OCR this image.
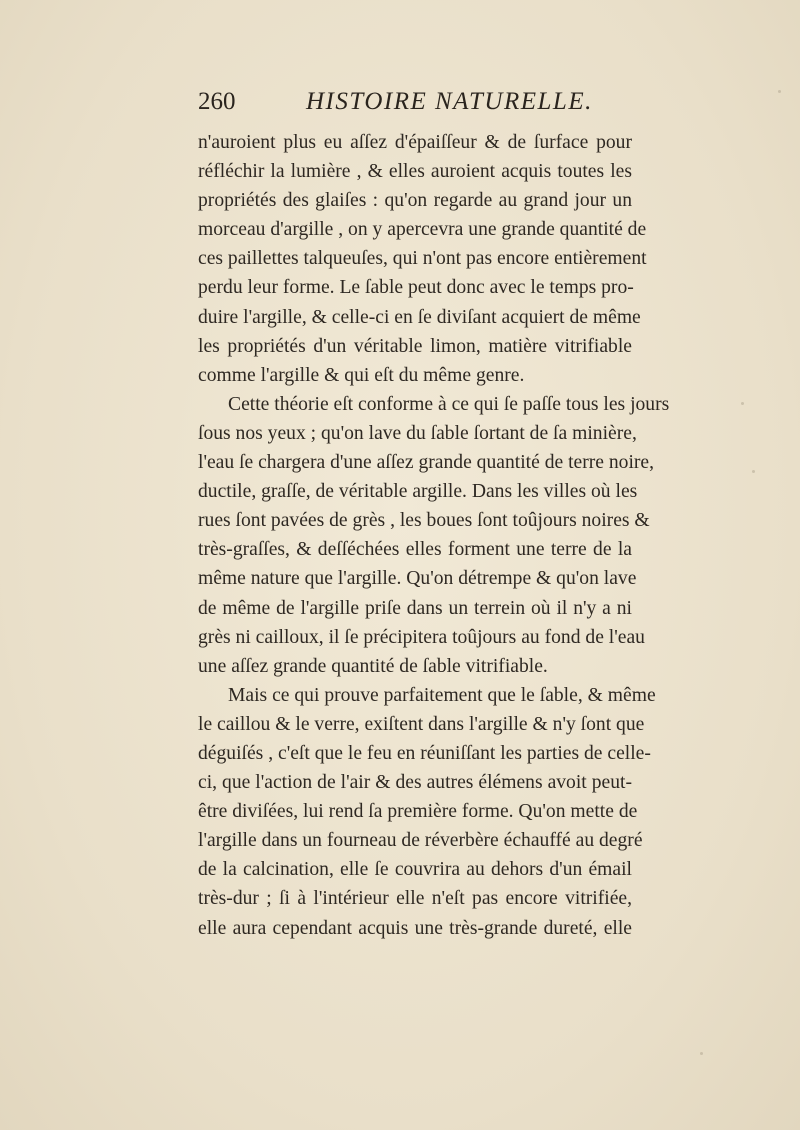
260	HISTOIRE NATURELLE.
n'auroient plus eu aſſez d'épaiſſeur & de ſurface pour
réfléchir la lumière , & elles auroient acquis toutes les
propriétés des glaiſes : qu'on regarde au grand jour un
morceau d'argille , on y apercevra une grande quantité de
ces paillettes talqueuſes, qui n'ont pas encore entièrement
perdu leur forme. Le ſable peut donc avec le temps pro-
duire l'argille, & celle-ci en ſe diviſant acquiert de même
les propriétés d'un véritable limon, matière vitrifiable
comme l'argille & qui eſt du même genre.
Cette théorie eſt conforme à ce qui ſe paſſe tous les jours
ſous nos yeux ; qu'on lave du ſable ſortant de ſa minière,
l'eau ſe chargera d'une aſſez grande quantité de terre noire,
ductile, graſſe, de véritable argille. Dans les villes où les
rues ſont pavées de grès , les boues ſont toûjours noires &
très-graſſes, & deſſéchées elles forment une terre de la
même nature que l'argille. Qu'on détrempe & qu'on lave
de même de l'argille priſe dans un terrein où il n'y a ni
grès ni cailloux, il ſe précipitera toûjours au fond de l'eau
une aſſez grande quantité de ſable vitrifiable.
Mais ce qui prouve parfaitement que le ſable, & même
le caillou & le verre, exiſtent dans l'argille & n'y ſont que
déguiſés , c'eſt que le feu en réuniſſant les parties de celle-
ci, que l'action de l'air & des autres élémens avoit peut-
être diviſées, lui rend ſa première forme. Qu'on mette de
l'argille dans un fourneau de réverbère échauffé au degré
de la calcination, elle ſe couvrira au dehors d'un émail
très-dur ; ſi à l'intérieur elle n'eſt pas encore vitrifiée,
elle aura cependant acquis une très-grande dureté, elle
